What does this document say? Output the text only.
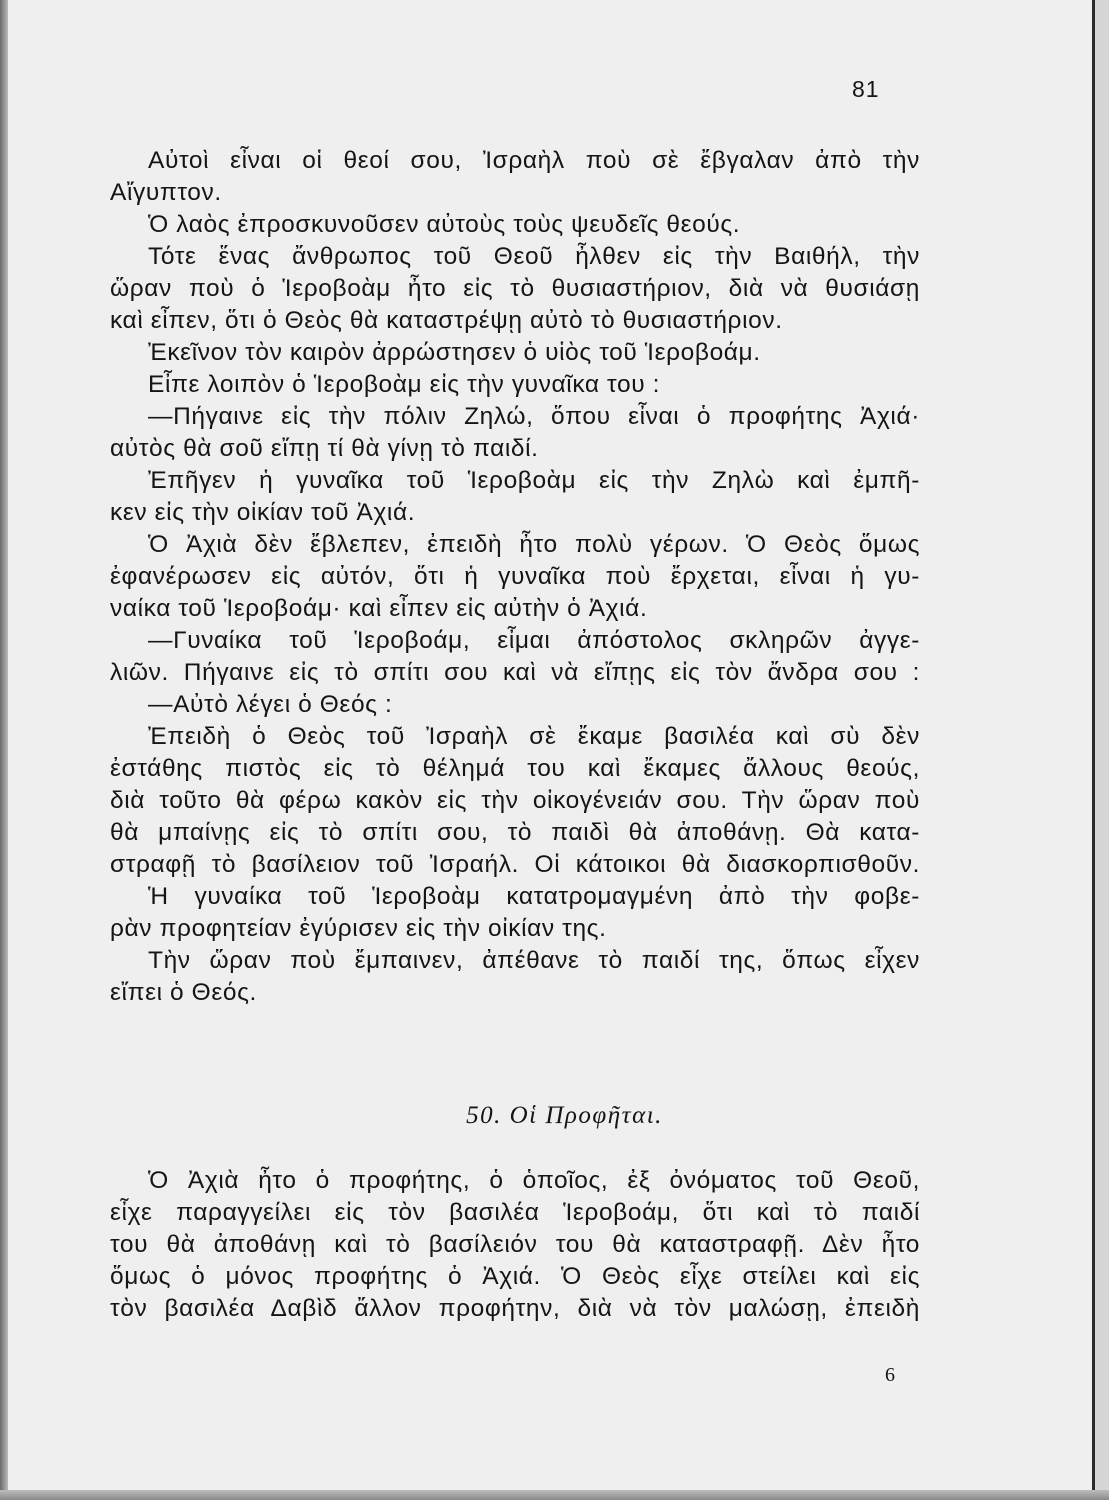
81
Αὐτοὶ εἶναι οἱ θεοί σου, Ἰσραὴλ ποὺ σὲ ἔβγαλαν ἀπὸ τὴν
Αἴγυπτον.
Ὁ λαὸς ἐπροσκυνοῦσεν αὐτοὺς τοὺς ψευδεῖς θεούς.
Τότε ἕνας ἄνθρωπος τοῦ Θεοῦ ἦλθεν εἰς τὴν Βαιθήλ, τὴν
ὥραν ποὺ ὁ Ἱεροβοὰμ ἦτο εἰς τὸ θυσιαστήριον, διὰ νὰ θυσιάσῃ
καὶ εἶπεν, ὅτι ὁ Θεὸς θὰ καταστρέψῃ αὐτὸ τὸ θυσιαστήριον.
Ἐκεῖνον τὸν καιρὸν ἀρρώστησεν ὁ υἱὸς τοῦ Ἱεροβοάμ.
Εἶπε λοιπὸν ὁ Ἱεροβοὰμ εἰς τὴν γυναῖκα του :
—Πήγαινε εἰς τὴν πόλιν Ζηλώ, ὅπου εἶναι ὁ προφήτης Ἀχιά·
αὐτὸς θὰ σοῦ εἴπῃ τί θὰ γίνῃ τὸ παιδί.
Ἐπῆγεν ἡ γυναῖκα τοῦ Ἱεροβοὰμ εἰς τὴν Ζηλὼ καὶ ἐμπῆ-
κεν εἰς τὴν οἰκίαν τοῦ Ἀχιά.
Ὁ Ἀχιὰ δὲν ἔβλεπεν, ἐπειδὴ ἦτο πολὺ γέρων. Ὁ Θεὸς ὅμως
ἐφανέρωσεν εἰς αὐτόν, ὅτι ἡ γυναῖκα ποὺ ἔρχεται, εἶναι ἡ γυ-
ναίκα τοῦ Ἱεροβοάμ· καὶ εἶπεν εἰς αὐτὴν ὁ Ἀχιά.
—Γυναίκα τοῦ Ἱεροβοάμ, εἶμαι ἀπόστολος σκληρῶν ἀγγε-
λιῶν. Πήγαινε εἰς τὸ σπίτι σου καὶ νὰ εἴπῃς εἰς τὸν ἄνδρα σου :
—Αὐτὸ λέγει ὁ Θεός :
Ἐπειδὴ ὁ Θεὸς τοῦ Ἰσραὴλ σὲ ἔκαμε βασιλέα καὶ σὺ δὲν
ἐστάθης πιστὸς εἰς τὸ θέλημά του καὶ ἔκαμες ἄλλους θεούς,
διὰ τοῦτο θὰ φέρω κακὸν εἰς τὴν οἰκογένειάν σου. Τὴν ὥραν ποὺ
θὰ μπαίνῃς εἰς τὸ σπίτι σου, τὸ παιδὶ θὰ ἀποθάνῃ. Θὰ κατα-
στραφῇ τὸ βασίλειον τοῦ Ἰσραήλ. Οἱ κάτοικοι θὰ διασκορπισθοῦν.
Ἡ γυναίκα τοῦ Ἱεροβοὰμ κατατρομαγμένη ἀπὸ τὴν φοβε-
ρὰν προφητείαν ἐγύρισεν εἰς τὴν οἰκίαν της.
Τὴν ὥραν ποὺ ἔμπαινεν, ἀπέθανε τὸ παιδί της, ὅπως εἶχεν
εἴπει ὁ Θεός.
50. Οἱ Προφῆται.
Ὁ Ἀχιὰ ἦτο ὁ προφήτης, ὁ ὁποῖος, ἐξ ὀνόματος τοῦ Θεοῦ,
εἶχε παραγγείλει εἰς τὸν βασιλέα Ἱεροβοάμ, ὅτι καὶ τὸ παιδί
του θὰ ἀποθάνῃ καὶ τὸ βασίλειόν του θὰ καταστραφῇ. Δὲν ἦτο
ὅμως ὁ μόνος προφήτης ὁ Ἀχιά. Ὁ Θεὸς εἶχε στείλει καὶ εἰς
τὸν βασιλέα Δαβὶδ ἄλλον προφήτην, διὰ νὰ τὸν μαλώσῃ, ἐπειδὴ
6
